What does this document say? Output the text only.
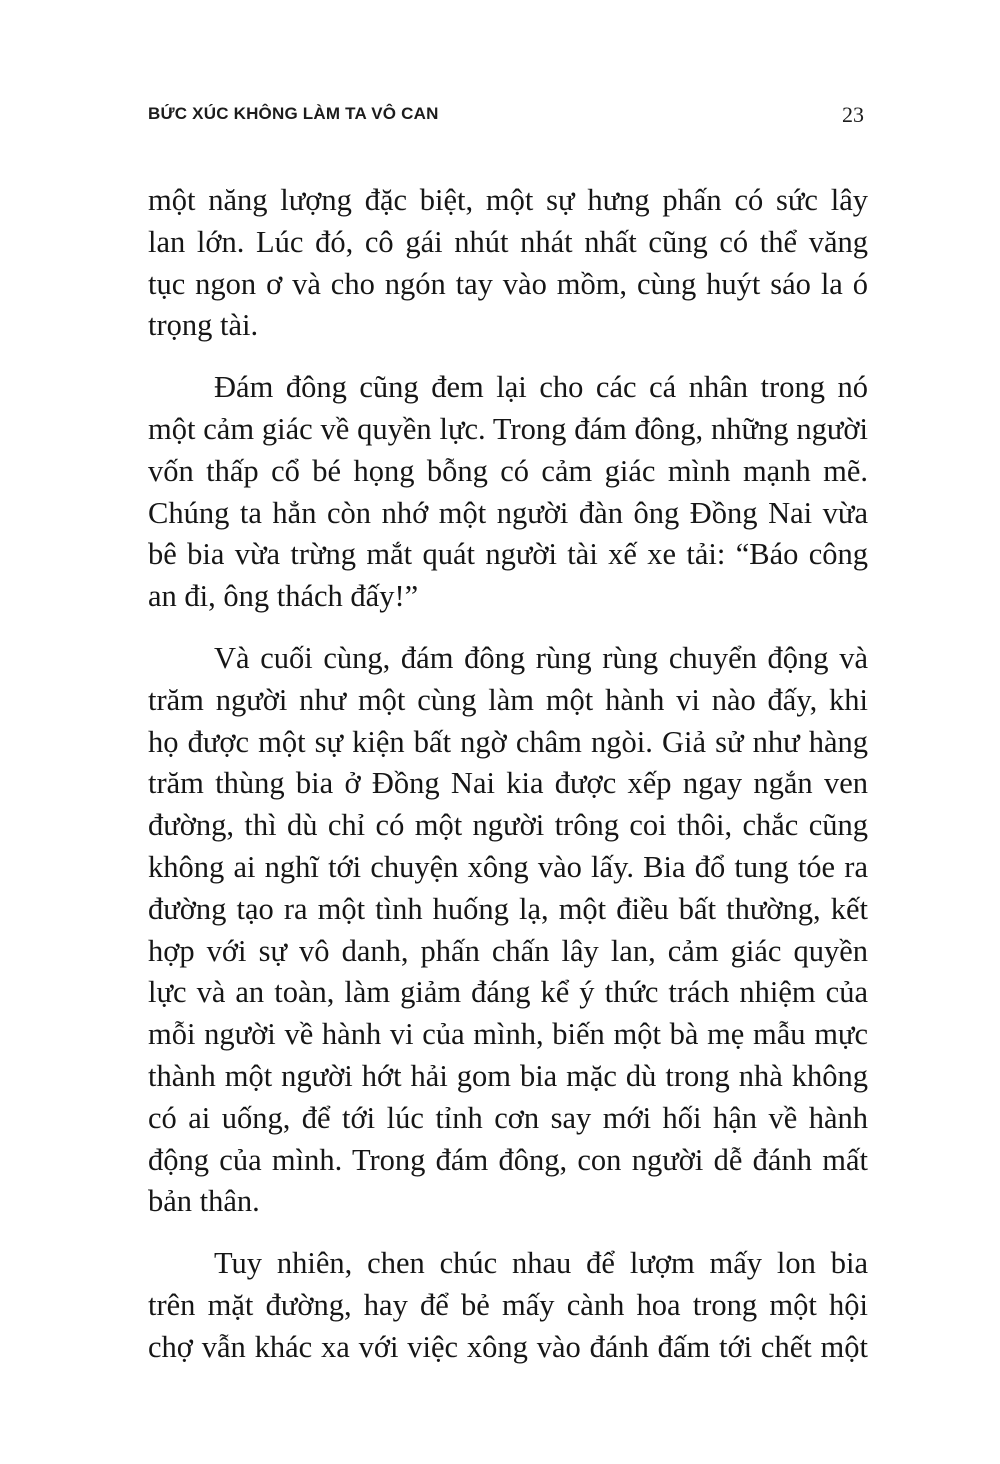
BỨC XÚC KHÔNG LÀM TA VÔ CAN	23

một năng lượng đặc biệt, một sự hưng phấn có sức lây
lan lớn. Lúc đó, cô gái nhút nhát nhất cũng có thể văng
tục ngon ơ và cho ngón tay vào mồm, cùng huýt sáo la ó
trọng tài.

Đám đông cũng đem lại cho các cá nhân trong nó
một cảm giác về quyền lực. Trong đám đông, những người
vốn thấp cổ bé họng bỗng có cảm giác mình mạnh mẽ.
Chúng ta hẳn còn nhớ một người đàn ông Đồng Nai vừa
bê bia vừa trừng mắt quát người tài xế xe tải: “Báo công
an đi, ông thách đấy!”

Và cuối cùng, đám đông rùng rùng chuyển động và
trăm người như một cùng làm một hành vi nào đấy, khi
họ được một sự kiện bất ngờ châm ngòi. Giả sử như hàng
trăm thùng bia ở Đồng Nai kia được xếp ngay ngắn ven
đường, thì dù chỉ có một người trông coi thôi, chắc cũng
không ai nghĩ tới chuyện xông vào lấy. Bia đổ tung tóe ra
đường tạo ra một tình huống lạ, một điều bất thường, kết
hợp với sự vô danh, phấn chấn lây lan, cảm giác quyền
lực và an toàn, làm giảm đáng kể ý thức trách nhiệm của
mỗi người về hành vi của mình, biến một bà mẹ mẫu mực
thành một người hớt hải gom bia mặc dù trong nhà không
có ai uống, để tới lúc tỉnh cơn say mới hối hận về hành
động của mình. Trong đám đông, con người dễ đánh mất
bản thân.

Tuy nhiên, chen chúc nhau để lượm mấy lon bia
trên mặt đường, hay để bẻ mấy cành hoa trong một hội
chợ vẫn khác xa với việc xông vào đánh đấm tới chết một
